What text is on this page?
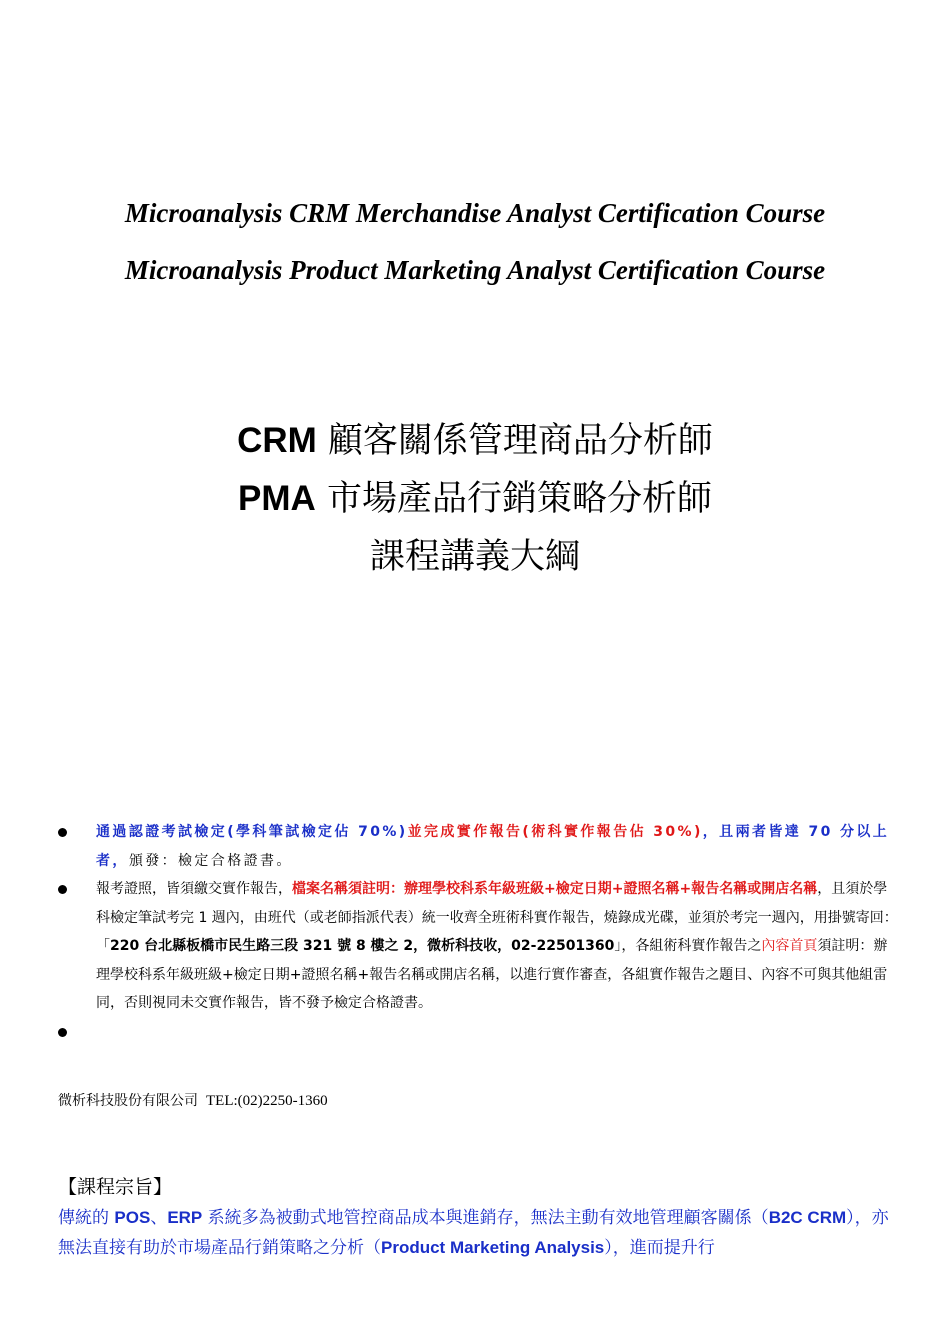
Microanalysis CRM Merchandise Analyst Certification Course
Microanalysis Product Marketing Analyst Certification Course
CRM 顧客關係管理商品分析師
PMA 市場產品行銷策略分析師
課程講義大綱
通過認證考試檢定(學科筆試檢定佔 70%)並完成實作報告(術科實作報告佔 30%)，且兩者皆達 70 分以上者，頒發：檢定合格證書。
報考證照，皆須繳交實作報告，檔案名稱須註明：辦理學校科系年級班級+檢定日期+證照名稱+報告名稱或開店名稱，且須於學科檢定筆試考完 1 週內，由班代（或老師指派代表）統一收齊全班術科實作報告，燒錄成光碟，並須於考完一週內，用掛號寄回：「220 台北縣板橋市民生路三段 321 號 8 樓之 2，微析科技收，02-22501360」，各組術科實作報告之內容首頁須註明：辦理學校科系年級班級+檢定日期+證照名稱+報告名稱或開店名稱，以進行實作審查，各組實作報告之題目、內容不可與其他組雷同，否則視同未交實作報告，皆不發予檢定合格證書。
微析科技股份有限公司 TEL:(02)2250-1360
【課程宗旨】
傳統的 POS、ERP 系統多為被動式地管控商品成本與進銷存，無法主動有效地管理顧客關係（B2C CRM），亦無法直接有助於市場產品行銷策略之分析（Product Marketing Analysis），進而提升行
